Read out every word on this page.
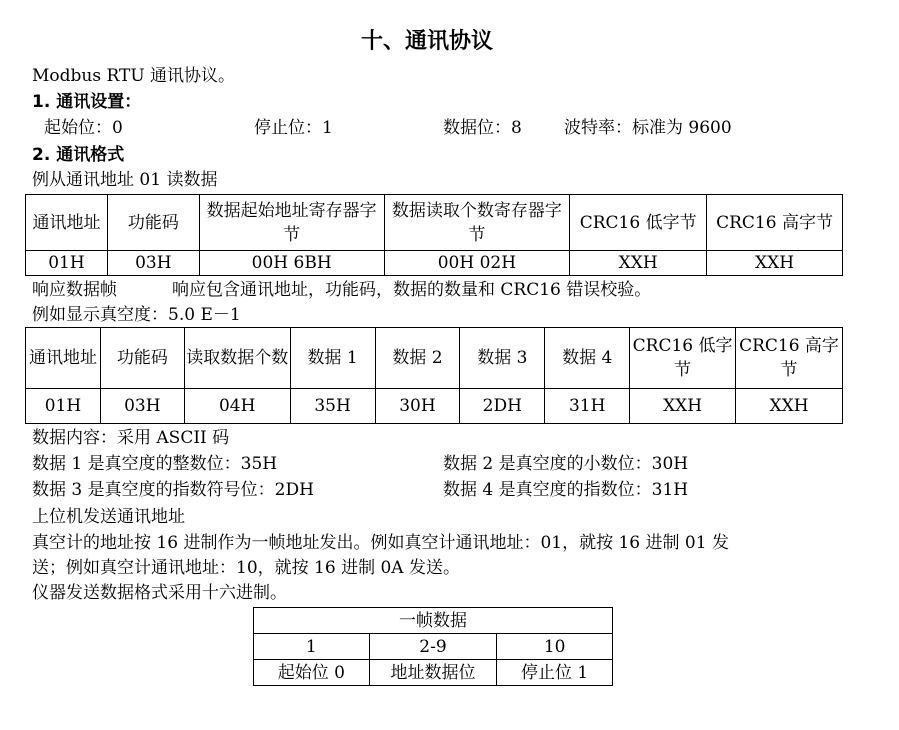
十、通讯协议
Modbus RTU 通讯协议。
1. 通讯设置：
起始位：0	停止位：1	数据位：8 波特率：标准为 9600
2. 通讯格式
例从通讯地址 01 读数据
通讯地址	功能码	数据起始地址寄存器字节	数据读取个数寄存器字节	CRC16 低字节	CRC16 高字节
01H	03H	00H 6BH	00H 02H	XXH	XXH
响应数据帧	响应包含通讯地址，功能码，数据的数量和 CRC16 错误校验。
例如显示真空度：5.0 E－1
通讯地址	功能码	读取数据个数	数据 1	数据 2	数据 3	数据 4	CRC16 低字节	CRC16 高字节
01H	03H	04H	35H	30H	2DH	31H	XXH	XXH
数据内容：采用 ASCII 码
数据 1 是真空度的整数位：35H	数据 2 是真空度的小数位：30H
数据 3 是真空度的指数符号位：2DH	数据 4 是真空度的指数位：31H
上位机发送通讯地址
真空计的地址按 16 进制作为一帧地址发出。例如真空计通讯地址：01，就按 16 进制 01 发
送；例如真空计通讯地址：10，就按 16 进制 0A 发送。
仪器发送数据格式采用十六进制。
一帧数据		
1	2-9	10
起始位 0	地址数据位	停止位 1
